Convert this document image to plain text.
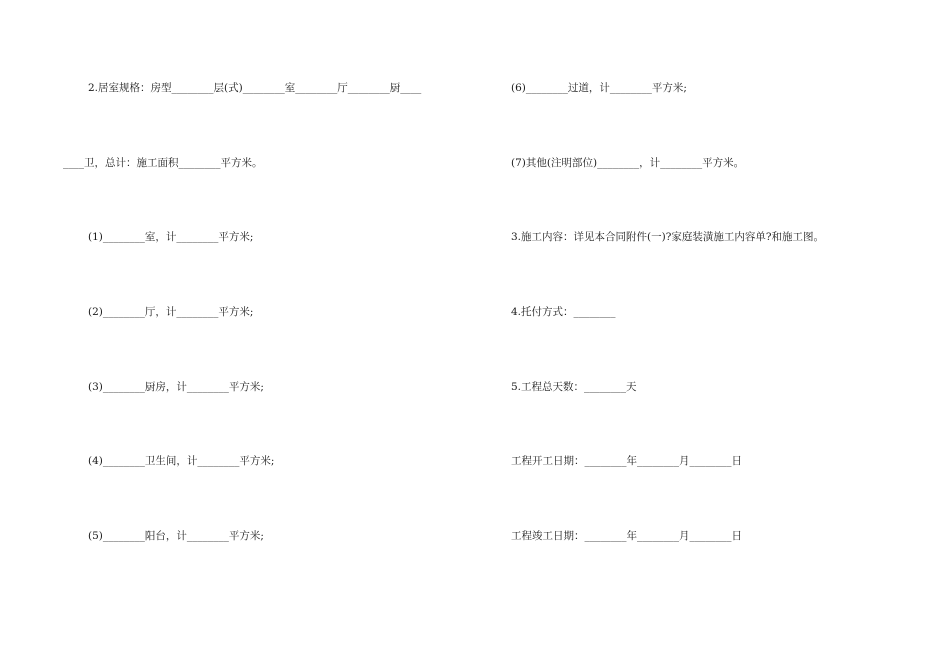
2.居室规格：房型________层(式)________室________厅________厨____
____卫，总计：施工面积________平方米。
(1)________室，计________平方米;
(2)________厅，计________平方米;
(3)________厨房，计________平方米;
(4)________卫生间，计________平方米;
(5)________阳台，计________平方米;
(6)________过道，计________平方米;
(7)其他(注明部位)________，计________平方米。
3.施工内容：详见本合同附件(一)?家庭装潢施工内容单?和施工图。
4.托付方式：________
5.工程总天数：________天
工程开工日期：________年________月________日
工程竣工日期：________年________月________日
